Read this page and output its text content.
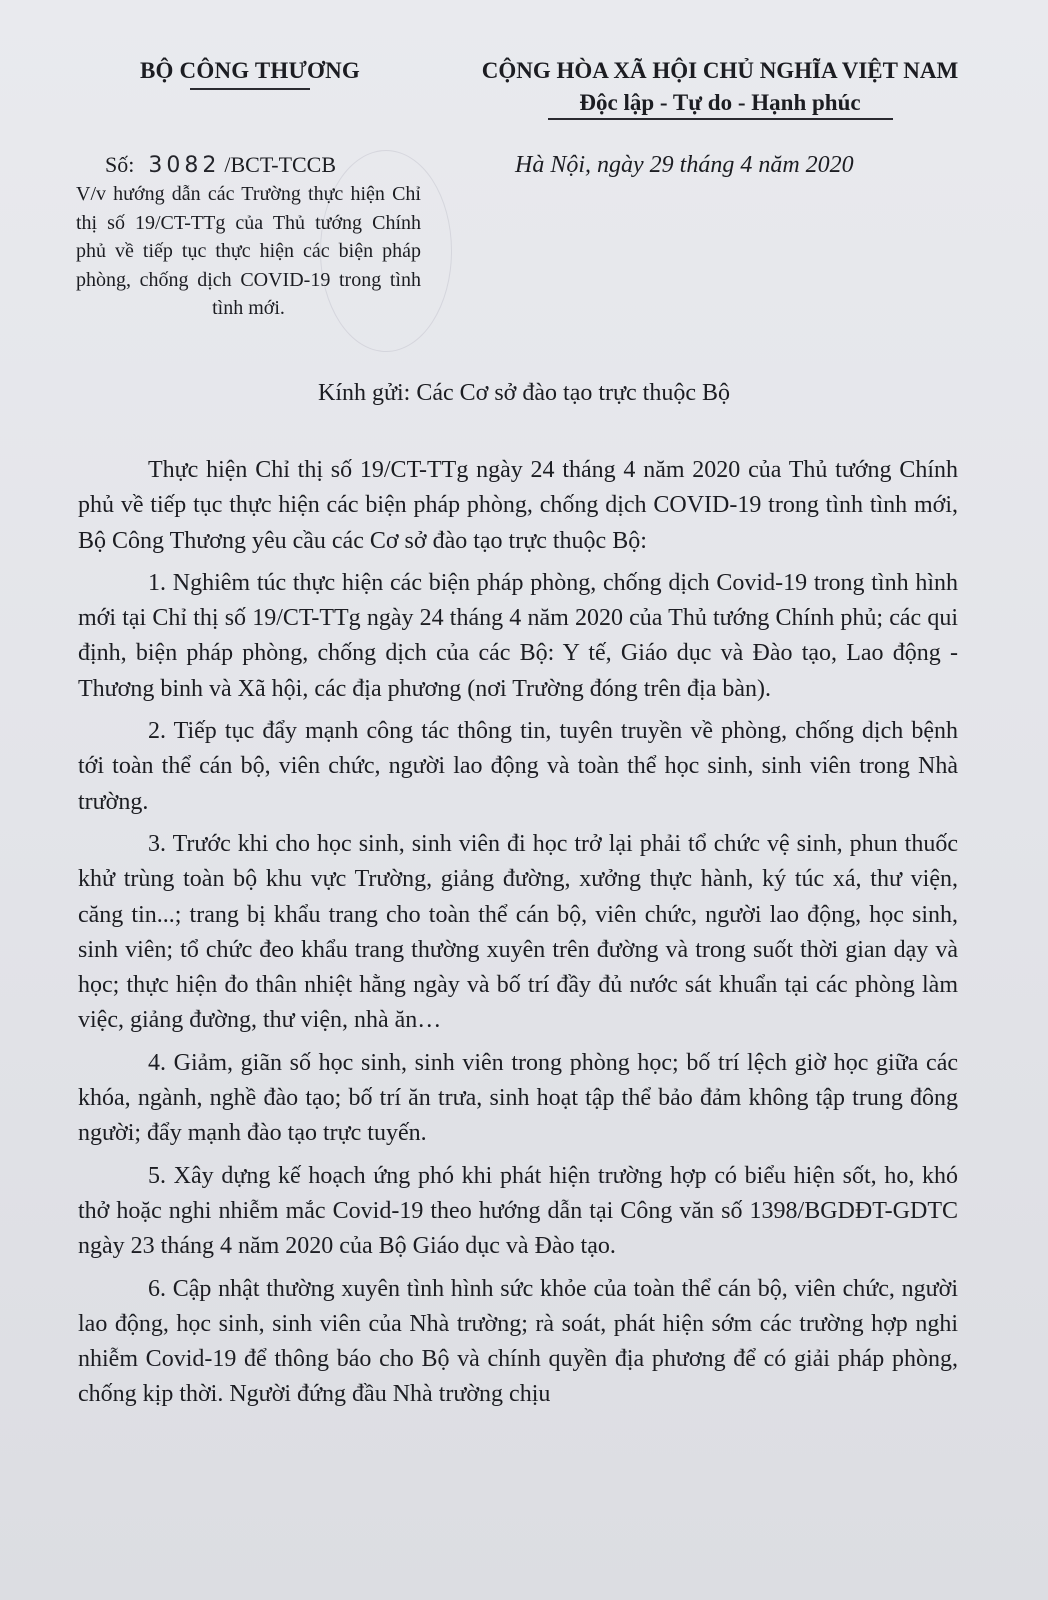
BỘ CÔNG THƯƠNG	CỘNG HÒA XÃ HỘI CHỦ NGHĨA VIỆT NAM
Độc lập - Tự do - Hạnh phúc
Số: 3082 /BCT-TCCB
V/v hướng dẫn các Trường thực hiện Chỉ thị số 19/CT-TTg của Thủ tướng Chính phủ về tiếp tục thực hiện các biện pháp phòng, chống dịch COVID-19 trong tình tình mới.
Hà Nội, ngày 29 tháng 4 năm 2020
Kính gửi: Các Cơ sở đào tạo trực thuộc Bộ

Thực hiện Chỉ thị số 19/CT-TTg ngày 24 tháng 4 năm 2020 của Thủ tướng Chính phủ về tiếp tục thực hiện các biện pháp phòng, chống dịch COVID-19 trong tình tình mới, Bộ Công Thương yêu cầu các Cơ sở đào tạo trực thuộc Bộ:

1. Nghiêm túc thực hiện các biện pháp phòng, chống dịch Covid-19 trong tình hình mới tại Chỉ thị số 19/CT-TTg ngày 24 tháng 4 năm 2020 của Thủ tướng Chính phủ; các qui định, biện pháp phòng, chống dịch của các Bộ: Y tế, Giáo dục và Đào tạo, Lao động - Thương binh và Xã hội, các địa phương (nơi Trường đóng trên địa bàn).

2. Tiếp tục đẩy mạnh công tác thông tin, tuyên truyền về phòng, chống dịch bệnh tới toàn thể cán bộ, viên chức, người lao động và toàn thể học sinh, sinh viên trong Nhà trường.

3. Trước khi cho học sinh, sinh viên đi học trở lại phải tổ chức vệ sinh, phun thuốc khử trùng toàn bộ khu vực Trường, giảng đường, xưởng thực hành, ký túc xá, thư viện, căng tin...; trang bị khẩu trang cho toàn thể cán bộ, viên chức, người lao động, học sinh, sinh viên; tổ chức đeo khẩu trang thường xuyên trên đường và trong suốt thời gian dạy và học; thực hiện đo thân nhiệt hằng ngày và bố trí đầy đủ nước sát khuẩn tại các phòng làm việc, giảng đường, thư viện, nhà ăn…

4. Giảm, giãn số học sinh, sinh viên trong phòng học; bố trí lệch giờ học giữa các khóa, ngành, nghề đào tạo; bố trí ăn trưa, sinh hoạt tập thể bảo đảm không tập trung đông người; đẩy mạnh đào tạo trực tuyến.

5. Xây dựng kế hoạch ứng phó khi phát hiện trường hợp có biểu hiện sốt, ho, khó thở hoặc nghi nhiễm mắc Covid-19 theo hướng dẫn tại Công văn số 1398/BGDĐT-GDTC ngày 23 tháng 4 năm 2020 của Bộ Giáo dục và Đào tạo.

6. Cập nhật thường xuyên tình hình sức khỏe của toàn thể cán bộ, viên chức, người lao động, học sinh, sinh viên của Nhà trường; rà soát, phát hiện sớm các trường hợp nghi nhiễm Covid-19 để thông báo cho Bộ và chính quyền địa phương để có giải pháp phòng, chống kịp thời. Người đứng đầu Nhà trường chịu
